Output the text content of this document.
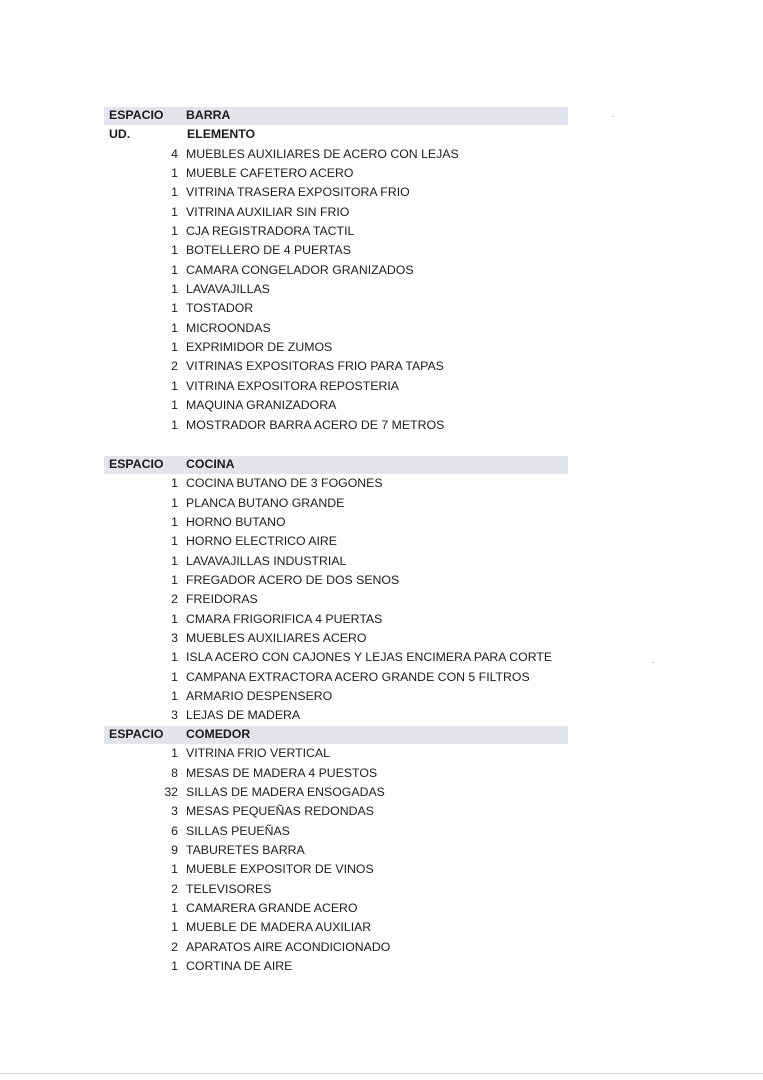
ESPACIO BARRA
UD.	ELEMENTO
4 MUEBLES AUXILIARES DE ACERO CON LEJAS
1 MUEBLE CAFETERO ACERO
1 VITRINA TRASERA EXPOSITORA FRIO
1 VITRINA AUXILIAR SIN FRIO
1 CJA REGISTRADORA TACTIL
1 BOTELLERO DE 4 PUERTAS
1 CAMARA CONGELADOR GRANIZADOS
1 LAVAVAJILLAS
1 TOSTADOR
1 MICROONDAS
1 EXPRIMIDOR DE ZUMOS
2 VITRINAS EXPOSITORAS FRIO PARA TAPAS
1 VITRINA EXPOSITORA REPOSTERIA
1 MAQUINA GRANIZADORA
1 MOSTRADOR BARRA ACERO DE 7 METROS
ESPACIO COCINA
1 COCINA BUTANO DE 3 FOGONES
1 PLANCA BUTANO GRANDE
1 HORNO BUTANO
1 HORNO ELECTRICO AIRE
1 LAVAVAJILLAS INDUSTRIAL
1 FREGADOR ACERO DE DOS SENOS
2 FREIDORAS
1 CMARA FRIGORIFICA 4 PUERTAS
3 MUEBLES AUXILIARES ACERO
1 ISLA ACERO CON CAJONES Y LEJAS ENCIMERA PARA CORTE
1 CAMPANA EXTRACTORA ACERO GRANDE CON 5 FILTROS
1 ARMARIO DESPENSERO
3 LEJAS DE MADERA
ESPACIO COMEDOR
1 VITRINA FRIO VERTICAL
8 MESAS DE MADERA 4 PUESTOS
32 SILLAS DE MADERA ENSOGADAS
3 MESAS PEQUEÑAS REDONDAS
6 SILLAS PEUEÑAS
9 TABURETES BARRA
1 MUEBLE EXPOSITOR DE VINOS
2 TELEVISORES
1 CAMARERA GRANDE ACERO
1 MUEBLE DE MADERA AUXILIAR
2 APARATOS AIRE ACONDICIONADO
1 CORTINA DE AIRE
